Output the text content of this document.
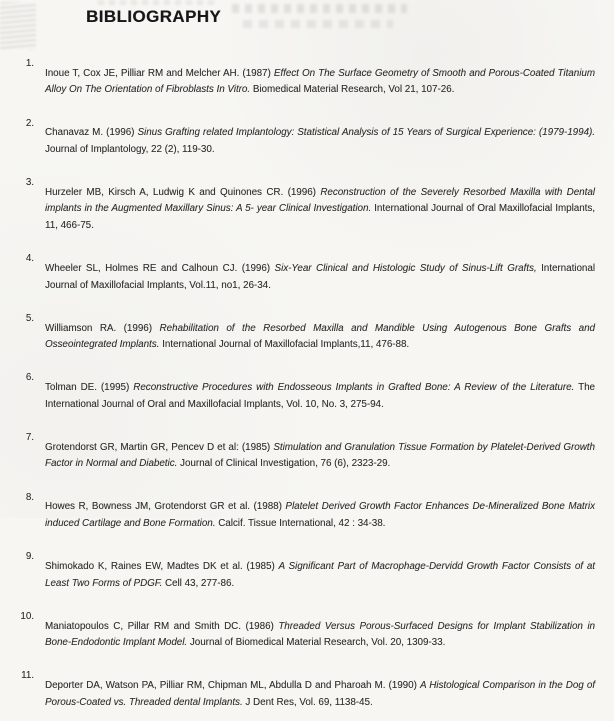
BIBLIOGRAPHY
1.

Inoue T, Cox JE, Pilliar RM and Melcher AH. (1987) Effect On The Surface Geometry of Smooth and Porous-Coated Titanium Alloy On The Orientation of Fibroblasts In Vitro. Biomedical Material Research, Vol 21, 107-26.

2.

Chanavaz M. (1996) Sinus Grafting related Implantology: Statistical Analysis of 15 Years of Surgical Experience: (1979-1994). Journal of Implantology, 22 (2), 119-30.

3.

Hurzeler MB, Kirsch A, Ludwig K and Quinones CR. (1996) Reconstruction of the Severely Resorbed Maxilla with Dental implants in the Augmented Maxillary Sinus: A 5- year Clinical Investigation. International Journal of Oral Maxillofacial Implants, 11, 466-75.

4.

Wheeler SL, Holmes RE and Calhoun CJ. (1996) Six-Year Clinical and Histologic Study of Sinus-Lift Grafts, International Journal of Maxillofacial Implants, Vol.11, no1, 26-34.

5.

Williamson RA. (1996) Rehabilitation of the Resorbed Maxilla and Mandible Using Autogenous Bone Grafts and Osseointegrated Implants. International Journal of Maxillofacial Implants,11, 476-88.

6.

Tolman DE. (1995) Reconstructive Procedures with Endosseous Implants in Grafted Bone: A Review of the Literature. The International Journal of Oral and Maxillofacial Implants, Vol. 10, No. 3, 275-94.

7.

Grotendorst GR, Martin GR, Pencev D et al: (1985) Stimulation and Granulation Tissue Formation by Platelet-Derived Growth Factor in Normal and Diabetic. Journal of Clinical Investigation, 76 (6), 2323-29.

8.

Howes R, Bowness JM, Grotendorst GR et al. (1988) Platelet Derived Growth Factor Enhances De-Mineralized Bone Matrix induced Cartilage and Bone Formation. Calcif. Tissue International, 42 : 34-38.

9.

Shimokado K, Raines EW, Madtes DK et al. (1985) A Significant Part of Macrophage-Dervidd Growth Factor Consists of at Least Two Forms of PDGF. Cell 43, 277-86.

10.

Maniatopoulos C, Pillar RM and Smith DC. (1986) Threaded Versus Porous-Surfaced Designs for Implant Stabilization in Bone-Endodontic Implant Model. Journal of Biomedical Material Research, Vol. 20, 1309-33.

11.

Deporter DA, Watson PA, Pilliar RM, Chipman ML, Abdulla D and Pharoah M. (1990) A Histological Comparison in the Dog of Porous-Coated vs. Threaded dental Implants. J Dent Res, Vol. 69, 1138-45.
